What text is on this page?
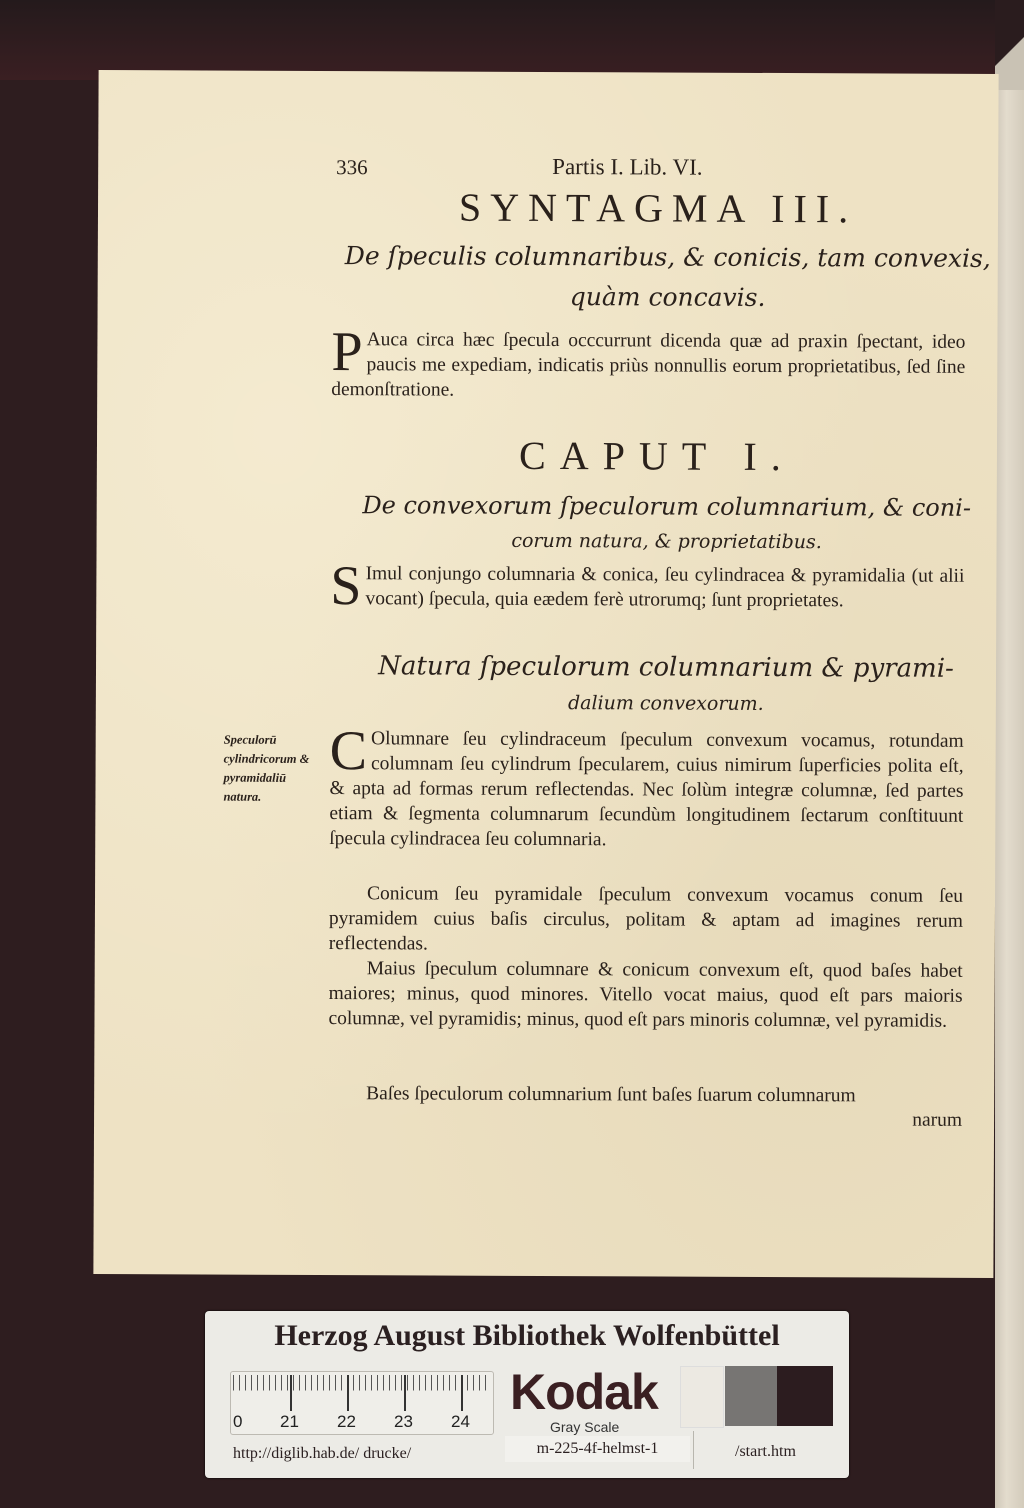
336	Partis I. Lib. VI.
SYNTAGMA III.
De ſpeculis columnaribus, & conicis, tam convexis,
quàm concavis.
P Auca circa hæc ſpecula occcurrunt dicenda quæ ad praxin ſpectant, ideo paucis me expediam, indicatis priùs nonnullis eorum proprietatibus, ſed ſine demonſtratione.
CAPUT I.
De convexorum ſpeculorum columnarium, & coni-
corum natura, & proprietatibus.
S Imul conjungo columnaria & conica, ſeu cylindracea & pyramidalia (ut alii vocant) ſpecula, quia eædem ferè utrorumq; ſunt proprietates.
Natura ſpeculorum columnarium & pyrami-
dalium convexorum.
Speculorū cylindricorum & pyramidaliū natura.
C Olumnare ſeu cylindraceum ſpeculum convexum vocamus, rotundam columnam ſeu cylindrum ſpecularem, cuius nimirum ſuperficies polita eſt, & apta ad formas rerum reflectendas. Nec ſolùm integræ columnæ, ſed partes etiam & ſegmenta columnarum ſecundùm longitudinem ſectarum conſtituunt ſpecula cylindracea ſeu columnaria.
Conicum ſeu pyramidale ſpeculum convexum vocamus conum ſeu pyramidem cuius baſis circulus, politam & aptam ad imagines rerum reflectendas.
Maius ſpeculum columnare & conicum convexum eſt, quod baſes habet maiores; minus, quod minores. Vitello vocat maius, quod eſt pars maioris columnæ, vel pyramidis; minus, quod eſt pars minoris columnæ, vel pyramidis.
Baſes ſpeculorum columnarium ſunt baſes ſuarum columnarum
narum
Herzog August Bibliothek Wolfenbüttel
0 21 22 23 24
Kodak
Gray Scale
m-225-4f-helmst-1
http://diglib.hab.de/ drucke/	/start.htm
